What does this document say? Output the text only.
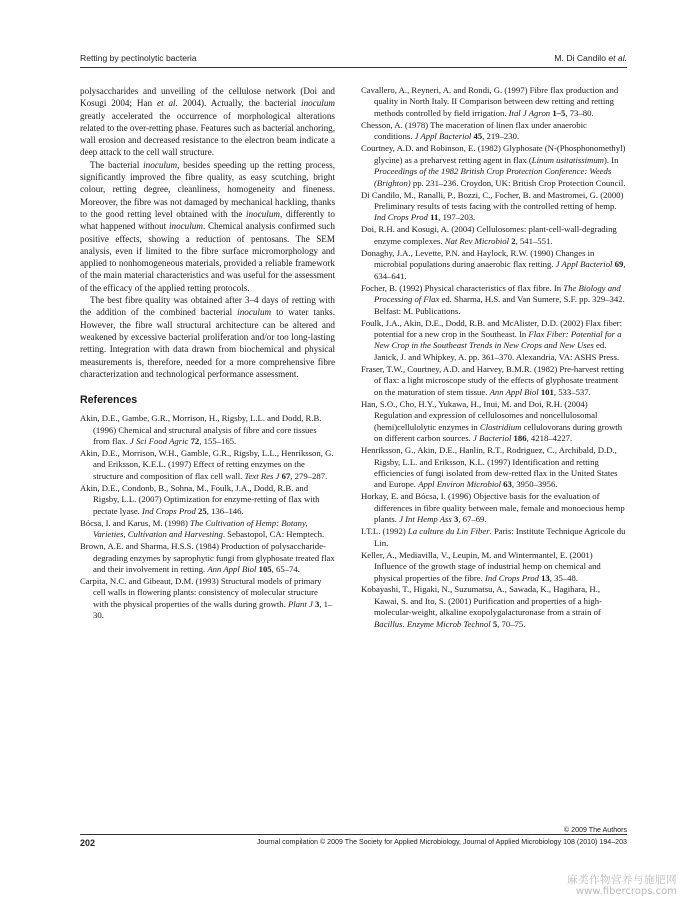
Retting by pectinolytic bacteria	M. Di Candilo et al.

polysaccharides and unveiling of the cellulose network (Doi and Kosugi 2004; Han et al. 2004). Actually, the bacterial inoculum greatly accelerated the occurrence of morphological alterations related to the over-retting phase. Features such as bacterial anchoring, wall erosion and decreased resistance to the electron beam indicate a deep attack to the cell wall structure.

The bacterial inoculum, besides speeding up the retting process, significantly improved the fibre quality, as easy scutching, bright colour, retting degree, cleanliness, homogeneity and fineness. Moreover, the fibre was not damaged by mechanical hackling, thanks to the good retting level obtained with the inoculum, differently to what happened without inoculum. Chemical analysis confirmed such positive effects, showing a reduction of pentosans. The SEM analysis, even if limited to the fibre surface micromorphology and applied to nonhomogeneous materials, provided a reliable framework of the main material characteristics and was useful for the assessment of the efficacy of the applied retting protocols.

The best fibre quality was obtained after 3–4 days of retting with the addition of the combined bacterial inoculum to water tanks. However, the fibre wall structural architecture can be altered and weakened by excessive bacterial proliferation and/or too long-lasting retting. Integration with data drawn from biochemical and physical measurements is, therefore, needed for a more comprehensive fibre characterization and technological performance assessment.

References

Akin, D.E., Gambe, G.R., Morrison, H., Rigsby, L.L. and Dodd, R.B. (1996) Chemical and structural analysis of fibre and core tissues from flax. J Sci Food Agric 72, 155–165.

Akin, D.E., Morrison, W.H., Gamble, G.R., Rigsby, L.L., Henriksson, G. and Eriksson, K.E.L. (1997) Effect of retting enzymes on the structure and composition of flax cell wall. Text Res J 67, 279–287.

Akin, D.E., Condonb, B., Sohna, M., Foulk, J.A., Dodd, R.B. and Rigsby, L.L. (2007) Optimization for enzyme-retting of flax with pectate lyase. Ind Crops Prod 25, 136–146.

Bócsa, I. and Karus, M. (1998) The Cultivation of Hemp: Botany, Varieties, Cultivation and Harvesting. Sebastopol, CA: Hemptech.

Brown, A.E. and Sharma, H.S.S. (1984) Production of polysaccharide-degrading enzymes by saprophytic fungi from glyphosate treated flax and their involvement in retting. Ann Appl Biol 105, 65–74.

Carpita, N.C. and Gibeaut, D.M. (1993) Structural models of primary cell walls in flowering plants: consistency of molecular structure with the physical properties of the walls during growth. Plant J 3, 1–30.

Cavallero, A., Reyneri, A. and Rondi, G. (1997) Fibre flax production and quality in North Italy. II Comparison between dew retting and retting methods controlled by field irrigation. Ital J Agron 1–5, 73–80.

Chesson, A. (1978) The maceration of linen flax under anaerobic conditions. J Appl Bacteriol 45, 219–230.

Courtney, A.D. and Robinson, E. (1982) Glyphosate (N-(Phosphonomethyl) glycine) as a preharvest retting agent in flax (Linum usitatissimum). In Proceedings of the 1982 British Crop Protection Conference: Weeds (Brighton) pp. 231–236. Croydon, UK: British Crop Protection Council.

Di Candilo, M., Ranalli, P., Bozzi, C., Focher, B. and Mastromei, G. (2000) Preliminary results of tests facing with the controlled retting of hemp. Ind Crops Prod 11, 197–203.

Doi, R.H. and Kosugi, A. (2004) Cellulosomes: plant-cell-wall-degrading enzyme complexes. Nat Rev Microbiol 2, 541–551.

Donaghy, J.A., Levette, P.N. and Haylock, R.W. (1990) Changes in microbial populations during anaerobic flax retting. J Appl Bacteriol 69, 634–641.

Focher, B. (1992) Physical characteristics of flax fibre. In The Biology and Processing of Flax ed. Sharma, H.S. and Van Sumere, S.F. pp. 329–342. Belfast: M. Publications.

Foulk, J.A., Akin, D.E., Dodd, R.B. and McAlister, D.D. (2002) Flax fiber: potential for a new crop in the Southeast. In Flax Fiber: Potential for a New Crop in the Southeast Trends in New Crops and New Uses ed. Janick, J. and Whipkey, A. pp. 361–370. Alexandria, VA: ASHS Press.

Fraser, T.W., Courtney, A.D. and Harvey, B.M.R. (1982) Pre-harvest retting of flax: a light microscope study of the effects of glyphosate treatment on the maturation of stem tissue. Ann Appl Biol 101, 533–537.

Han, S.O., Cho, H.Y., Yukawa, H., Inui, M. and Doi, R.H. (2004) Regulation and expression of cellulosomes and noncellulosomal (hemi)cellulolytic enzymes in Clostridium cellulovorans during growth on different carbon sources. J Bacteriol 186, 4218–4227.

Henriksson, G., Akin, D.E., Hanlin, R.T., Rodriguez, C., Archibald, D.D., Rigsby, L.L. and Eriksson, K.L. (1997) Identification and retting efficiencies of fungi isolated from dew-retted flax in the United States and Europe. Appl Environ Microbiol 63, 3950–3956.

Horkay, E. and Bócsa, I. (1996) Objective basis for the evaluation of differences in fibre quality between male, female and monoecious hemp plants. J Int Hemp Ass 3, 67–69.

I.T.L. (1992) La culture du Lin Fiber. Paris: Institute Technique Agricole du Lin.

Keller, A., Mediavilla, V., Leupin, M. and Wintermantel, E. (2001) Influence of the growth stage of industrial hemp on chemical and physical properties of the fibre. Ind Crops Prod 13, 35–48.

Kobayashi, T., Higaki, N., Suzumatsu, A., Sawada, K., Hagihara, H., Kawai, S. and Ito, S. (2001) Purification and properties of a high-molecular-weight, alkaline exopolygalacturonase from a strain of Bacillus. Enzyme Microb Technol 5, 70–75.

© 2009 The Authors
202	Journal compilation © 2009 The Society for Applied Microbiology, Journal of Applied Microbiology 108 (2010) 194–203
麻类作物营养与施肥网
www.fibercrops.com
